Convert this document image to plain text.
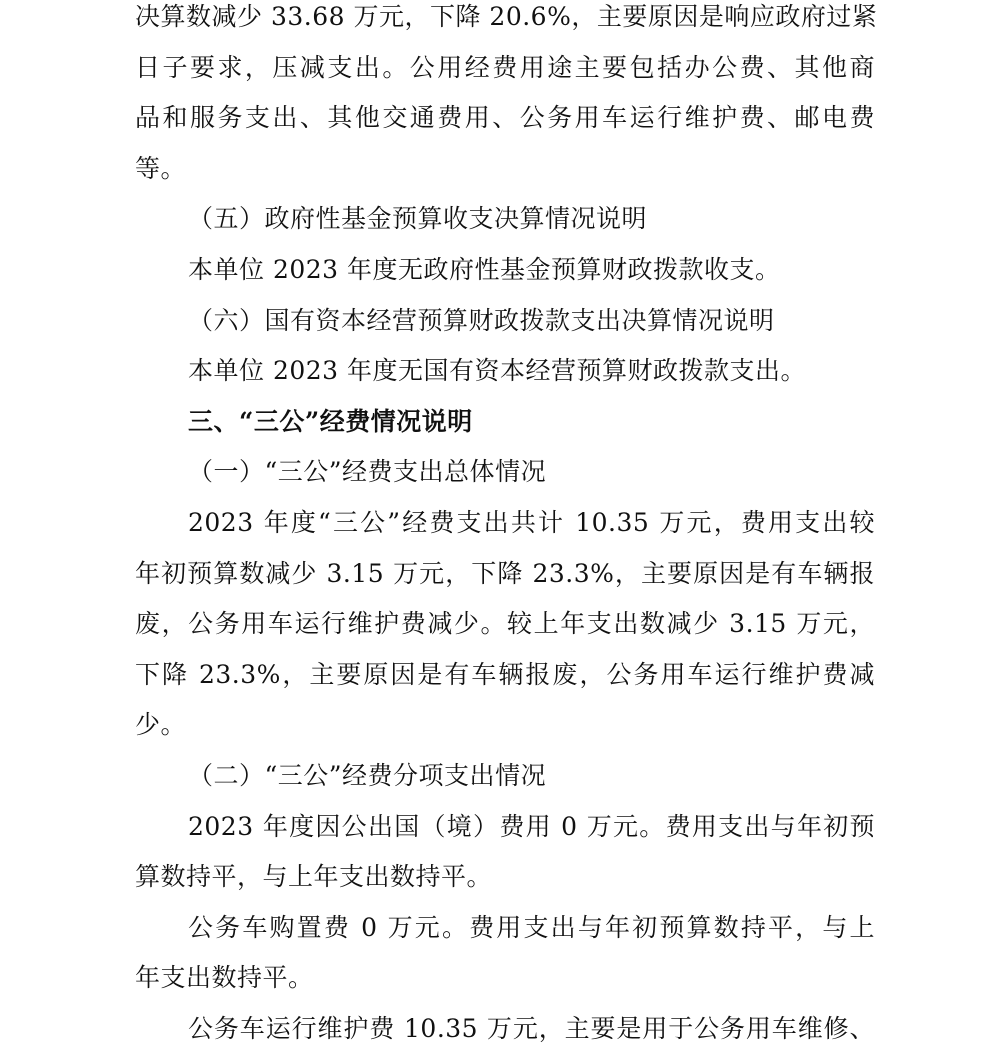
决算数减少 33.68 万元，下降 20.6%，主要原因是响应政府过紧
日子要求，压减支出。公用经费用途主要包括办公费、其他商
品和服务支出、其他交通费用、公务用车运行维护费、邮电费
等。
（五）政府性基金预算收支决算情况说明
本单位 2023 年度无政府性基金预算财政拨款收支。
（六）国有资本经营预算财政拨款支出决算情况说明
本单位 2023 年度无国有资本经营预算财政拨款支出。
三、“三公”经费情况说明
（一）“三公”经费支出总体情况
2023 年度“三公”经费支出共计 10.35 万元，费用支出较
年初预算数减少 3.15 万元，下降 23.3%，主要原因是有车辆报
废，公务用车运行维护费减少。较上年支出数减少 3.15 万元，
下降 23.3%，主要原因是有车辆报废，公务用车运行维护费减
少。
（二）“三公”经费分项支出情况
2023 年度因公出国（境）费用 0 万元。费用支出与年初预
算数持平，与上年支出数持平。
公务车购置费 0 万元。费用支出与年初预算数持平，与上
年支出数持平。
公务车运行维护费 10.35 万元，主要是用于公务用车维修、
